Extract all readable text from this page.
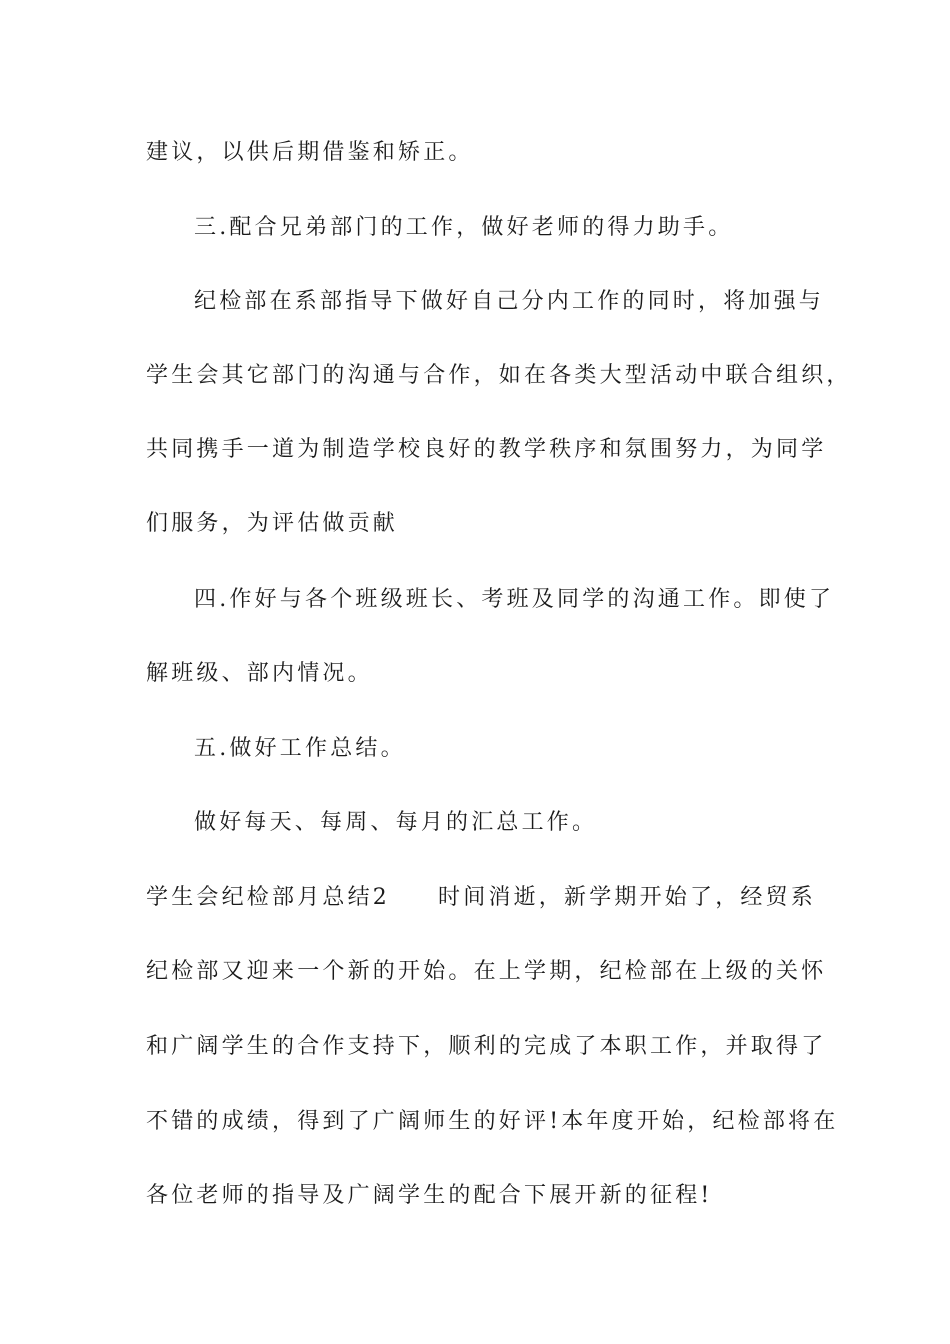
建议，以供后期借鉴和矫正。
三.配合兄弟部门的工作，做好老师的得力助手。
纪检部在系部指导下做好自己分内工作的同时，将加强与
学生会其它部门的沟通与合作，如在各类大型活动中联合组织，
共同携手一道为制造学校良好的教学秩序和氛围努力，为同学
们服务，为评估做贡献
四.作好与各个班级班长、考班及同学的沟通工作。即使了
解班级、部内情况。
五.做好工作总结。
做好每天、每周、每月的汇总工作。
学生会纪检部月总结2 时间消逝，新学期开始了，经贸系
纪检部又迎来一个新的开始。在上学期，纪检部在上级的关怀
和广阔学生的合作支持下，顺利的完成了本职工作，并取得了
不错的成绩，得到了广阔师生的好评!本年度开始，纪检部将在
各位老师的指导及广阔学生的配合下展开新的征程!
